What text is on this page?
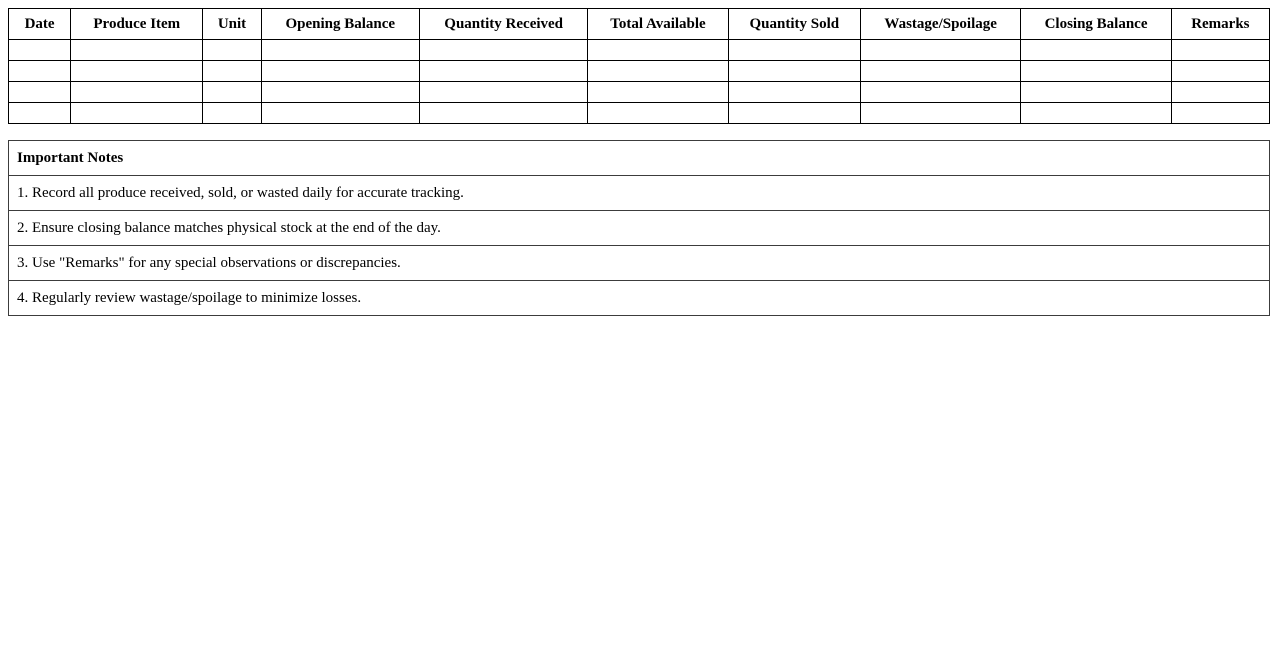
Date	Produce Item	Unit	Opening Balance	Quantity Received	Total Available	Quantity Sold	Wastage/Spoilage	Closing Balance	Remarks

Important Notes
1. Record all produce received, sold, or wasted daily for accurate tracking.
2. Ensure closing balance matches physical stock at the end of the day.
3. Use "Remarks" for any special observations or discrepancies.
4. Regularly review wastage/spoilage to minimize losses.
